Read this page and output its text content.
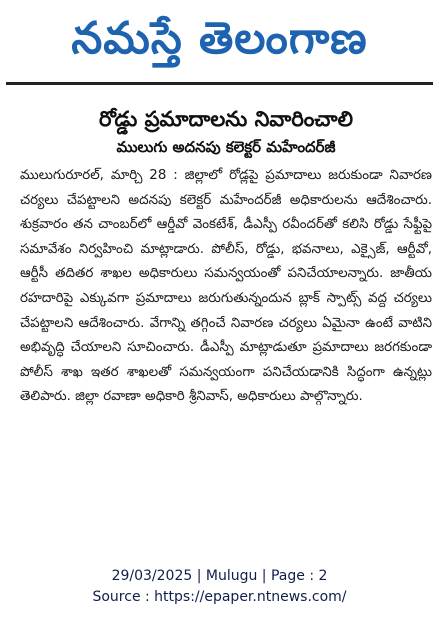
నమస్తే తెలంగాణ
రోడ్డు ప్రమాదాలను నివారించాలి
ములుగు అదనపు కలెక్టర్ మహేందర్‌జీ

ములుగురూరల్, మార్చి 28 : జిల్లాలో రోడ్లపై ప్రమాదాలు జరుకుండా నివారణ చర్యలు చేపట్టాలని అదనపు కలెక్టర్ మహేందర్‌జీ అధికారులను ఆదేశించారు. శుక్రవారం తన చాంబర్‌లో ఆర్డీవో వెంకటేశ్, డీఎస్పీ రవీందర్‌తో కలిసి రోడ్డు సేఫ్టీపై సమావేశం నిర్వహించి మాట్లాడారు. పోలీస్, రోడ్డు, భవనాలు, ఎక్సైజ్, ఆర్టీవో, ఆర్టీసీ తదితర శాఖల అధికారులు సమన్వయంతో పనిచేయాలన్నారు. జాతీయ రహదారిపై ఎక్కువగా ప్రమాదాలు జరుగుతున్నందున బ్లాక్ స్పాట్స్ వద్ద చర్యలు చేపట్టాలని ఆదేశించారు. వేగాన్ని తగ్గించే నివారణ చర్యలు ఏమైనా ఉంటే వాటిని అభివృద్ధి చేయాలని సూచించారు. డీఎస్పీ మాట్లాడుతూ ప్రమాదాలు జరగకుండా పోలీస్ శాఖ ఇతర శాఖలతో సమన్వయంగా పనిచేయడానికి సిద్ధంగా ఉన్నట్లు తెలిపారు. జిల్లా రవాణా అధికారి శ్రీనివాస్, అధికారులు పాల్గొన్నారు.

29/03/2025 | Mulugu | Page : 2
Source : https://epaper.ntnews.com/
